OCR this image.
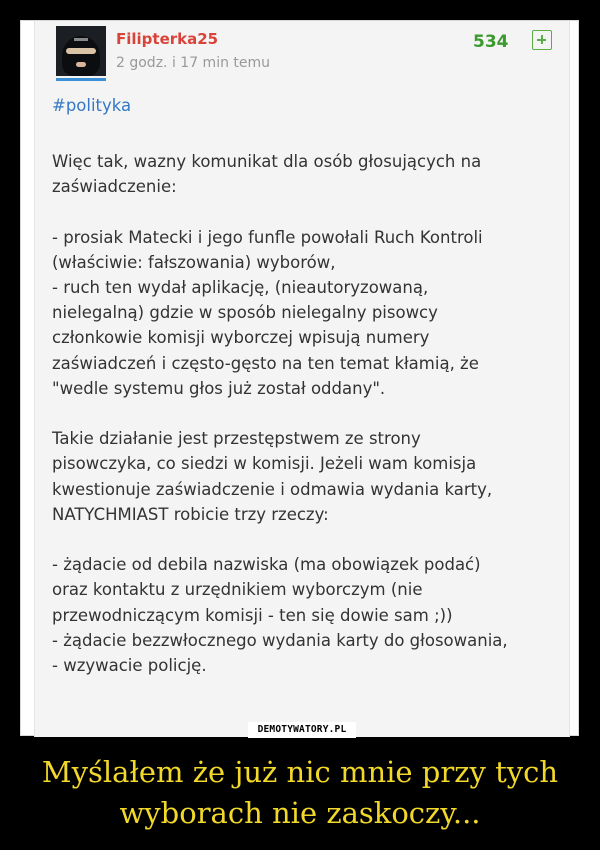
Filipterka25
2 godz. i 17 min temu
534
#polityka
Więc tak, wazny komunikat dla osób głosujących na
zaświadczenie:

- prosiak Matecki i jego funfle powołali Ruch Kontroli
(właściwie: fałszowania) wyborów,
- ruch ten wydał aplikację, (nieautoryzowaną,
nielegalną) gdzie w sposób nielegalny pisowcy
członkowie komisji wyborczej wpisują numery
zaświadczeń i często-gęsto na ten temat kłamią, że
"wedle systemu głos już został oddany".

Takie działanie jest przestępstwem ze strony
pisowczyka, co siedzi w komisji. Jeżeli wam komisja
kwestionuje zaświadczenie i odmawia wydania karty,
NATYCHMIAST robicie trzy rzeczy:

- żądacie od debila nazwiska (ma obowiązek podać)
oraz kontaktu z urzędnikiem wyborczym (nie
przewodniczącym komisji - ten się dowie sam ;))
- żądacie bezzwłocznego wydania karty do głosowania,
- wzywacie policję.
DEMOTYWATORY.PL
Myślałem że już nic mnie przy tych
wyborach nie zaskoczy...
